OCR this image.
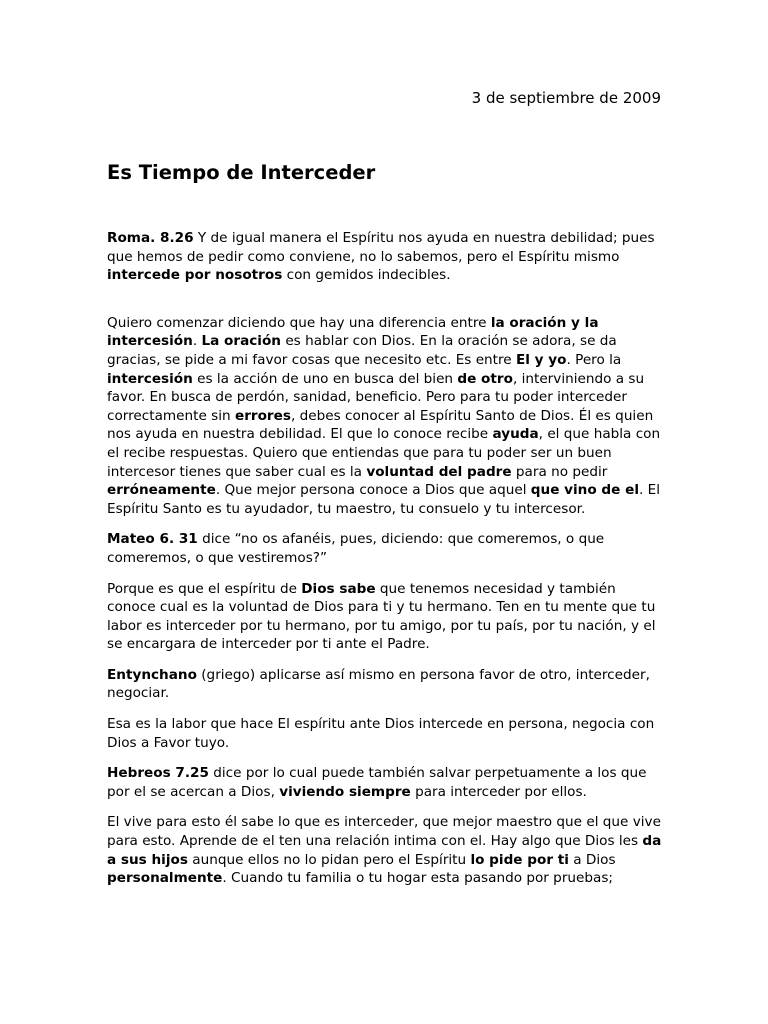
3 de septiembre de 2009
Es Tiempo de Interceder

Roma. 8.26 Y de igual manera el Espíritu nos ayuda en nuestra debilidad; pues que hemos de pedir como conviene, no lo sabemos, pero el Espíritu mismo intercede por nosotros con gemidos indecibles.

Quiero comenzar diciendo que hay una diferencia entre la oración y la intercesión. La oración es hablar con Dios. En la oración se adora, se da gracias, se pide a mi favor cosas que necesito etc. Es entre El y yo. Pero la intercesión es la acción de uno en busca del bien de otro, interviniendo a su favor. En busca de perdón, sanidad, beneficio. Pero para tu poder interceder correctamente sin errores, debes conocer al Espíritu Santo de Dios. Él es quien nos ayuda en nuestra debilidad. El que lo conoce recibe ayuda, el que habla con el recibe respuestas. Quiero que entiendas que para tu poder ser un buen intercesor tienes que saber cual es la voluntad del padre para no pedir erróneamente. Que mejor persona conoce a Dios que aquel que vino de el. El Espíritu Santo es tu ayudador, tu maestro, tu consuelo y tu intercesor.

Mateo 6. 31 dice “no os afanéis, pues, diciendo: que comeremos, o que comeremos, o que vestiremos?”

Porque es que el espíritu de Dios sabe que tenemos necesidad y también conoce cual es la voluntad de Dios para ti y tu hermano. Ten en tu mente que tu labor es interceder por tu hermano, por tu amigo, por tu país, por tu nación, y el se encargara de interceder por ti ante el Padre.

Entynchano (griego) aplicarse así mismo en persona favor de otro, interceder, negociar.

Esa es la labor que hace El espíritu ante Dios intercede en persona, negocia con Dios a Favor tuyo.

Hebreos 7.25 dice por lo cual puede también salvar perpetuamente a los que por el se acercan a Dios, viviendo siempre para interceder por ellos.

El vive para esto él sabe lo que es interceder, que mejor maestro que el que vive para esto. Aprende de el ten una relación intima con el. Hay algo que Dios les da a sus hijos aunque ellos no lo pidan pero el Espíritu lo pide por ti a Dios personalmente. Cuando tu familia o tu hogar esta pasando por pruebas;
